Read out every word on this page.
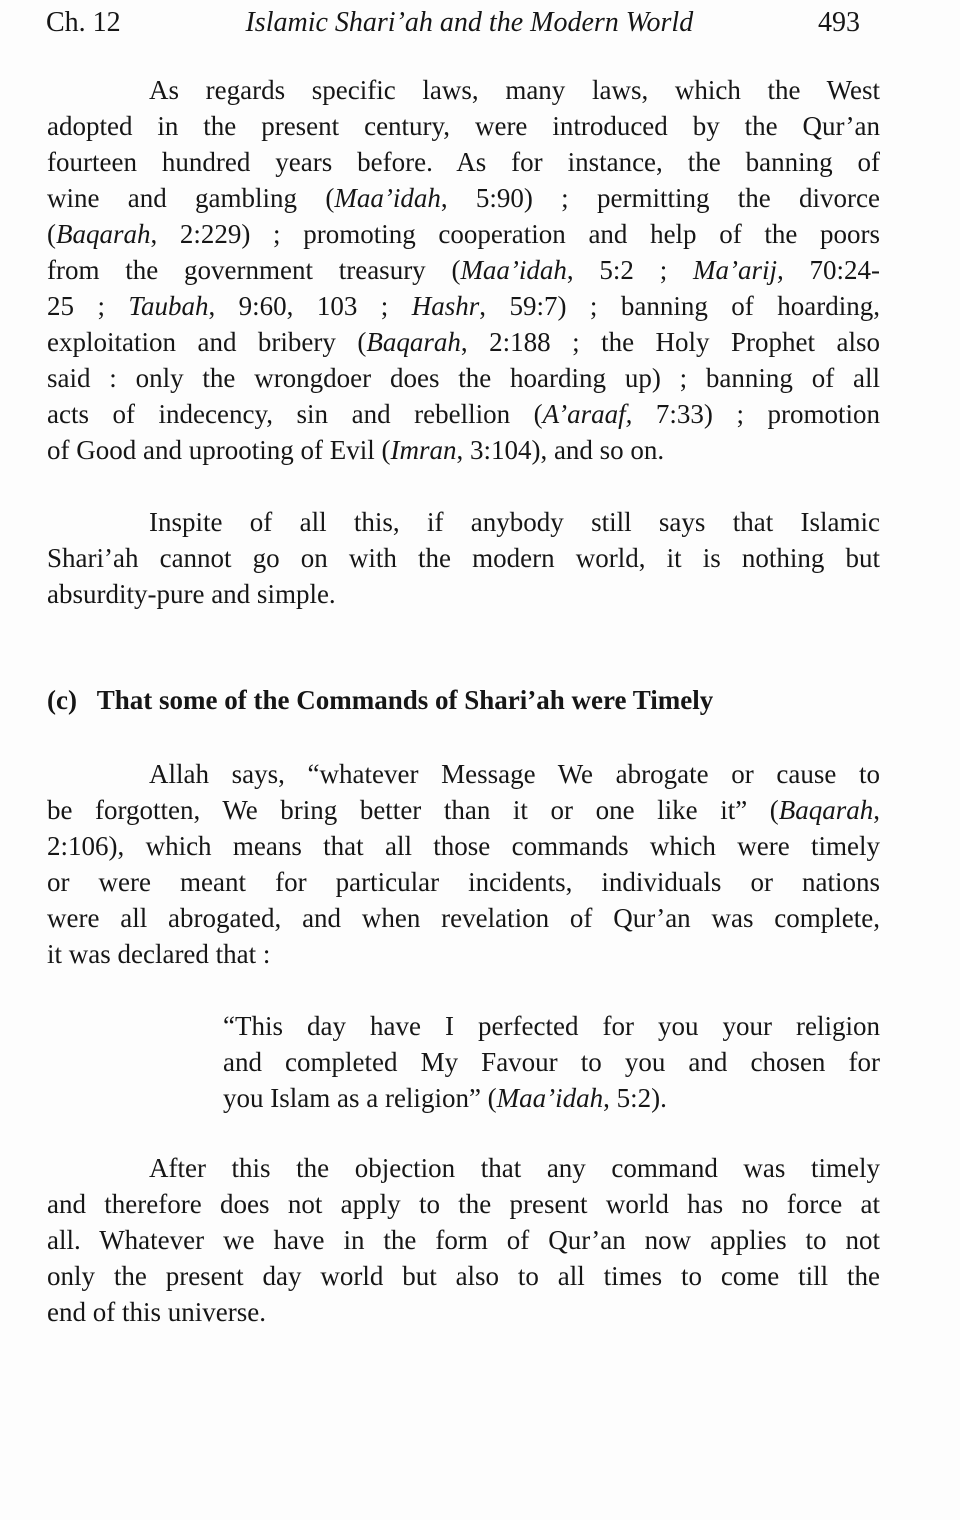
Ch. 12	Islamic Shari’ah and the Modern World	493
As regards specific laws, many laws, which the West
adopted in the present century, were introduced by the Qur’an
fourteen hundred years before. As for instance, the banning of
wine and gambling (Maa’idah, 5:90) ; permitting the divorce
(Baqarah, 2:229) ; promoting cooperation and help of the poors
from the government treasury (Maa’idah, 5:2 ; Ma’arij, 70:24-
25 ; Taubah, 9:60, 103 ; Hashr, 59:7) ; banning of hoarding,
exploitation and bribery (Baqarah, 2:188 ; the Holy Prophet also
said : only the wrongdoer does the hoarding up) ; banning of all
acts of indecency, sin and rebellion (A’araaf, 7:33) ; promotion
of Good and uprooting of Evil (Imran, 3:104), and so on.
Inspite of all this, if anybody still says that Islamic
Shari’ah cannot go on with the modern world, it is nothing but
absurdity-pure and simple.
(c)  That some of the Commands of Shari’ah were Timely
Allah says, “whatever Message We abrogate or cause to
be forgotten, We bring better than it or one like it” (Baqarah,
2:106), which means that all those commands which were timely
or were meant for particular incidents, individuals or nations
were all abrogated, and when revelation of Qur’an was complete,
it was declared that :
“This day have I perfected for you your religion
and completed My Favour to you and chosen for
you Islam as a religion” (Maa’idah, 5:2).
After this the objection that any command was timely
and therefore does not apply to the present world has no force at
all. Whatever we have in the form of Qur’an now applies to not
only the present day world but also to all times to come till the
end of this universe.
